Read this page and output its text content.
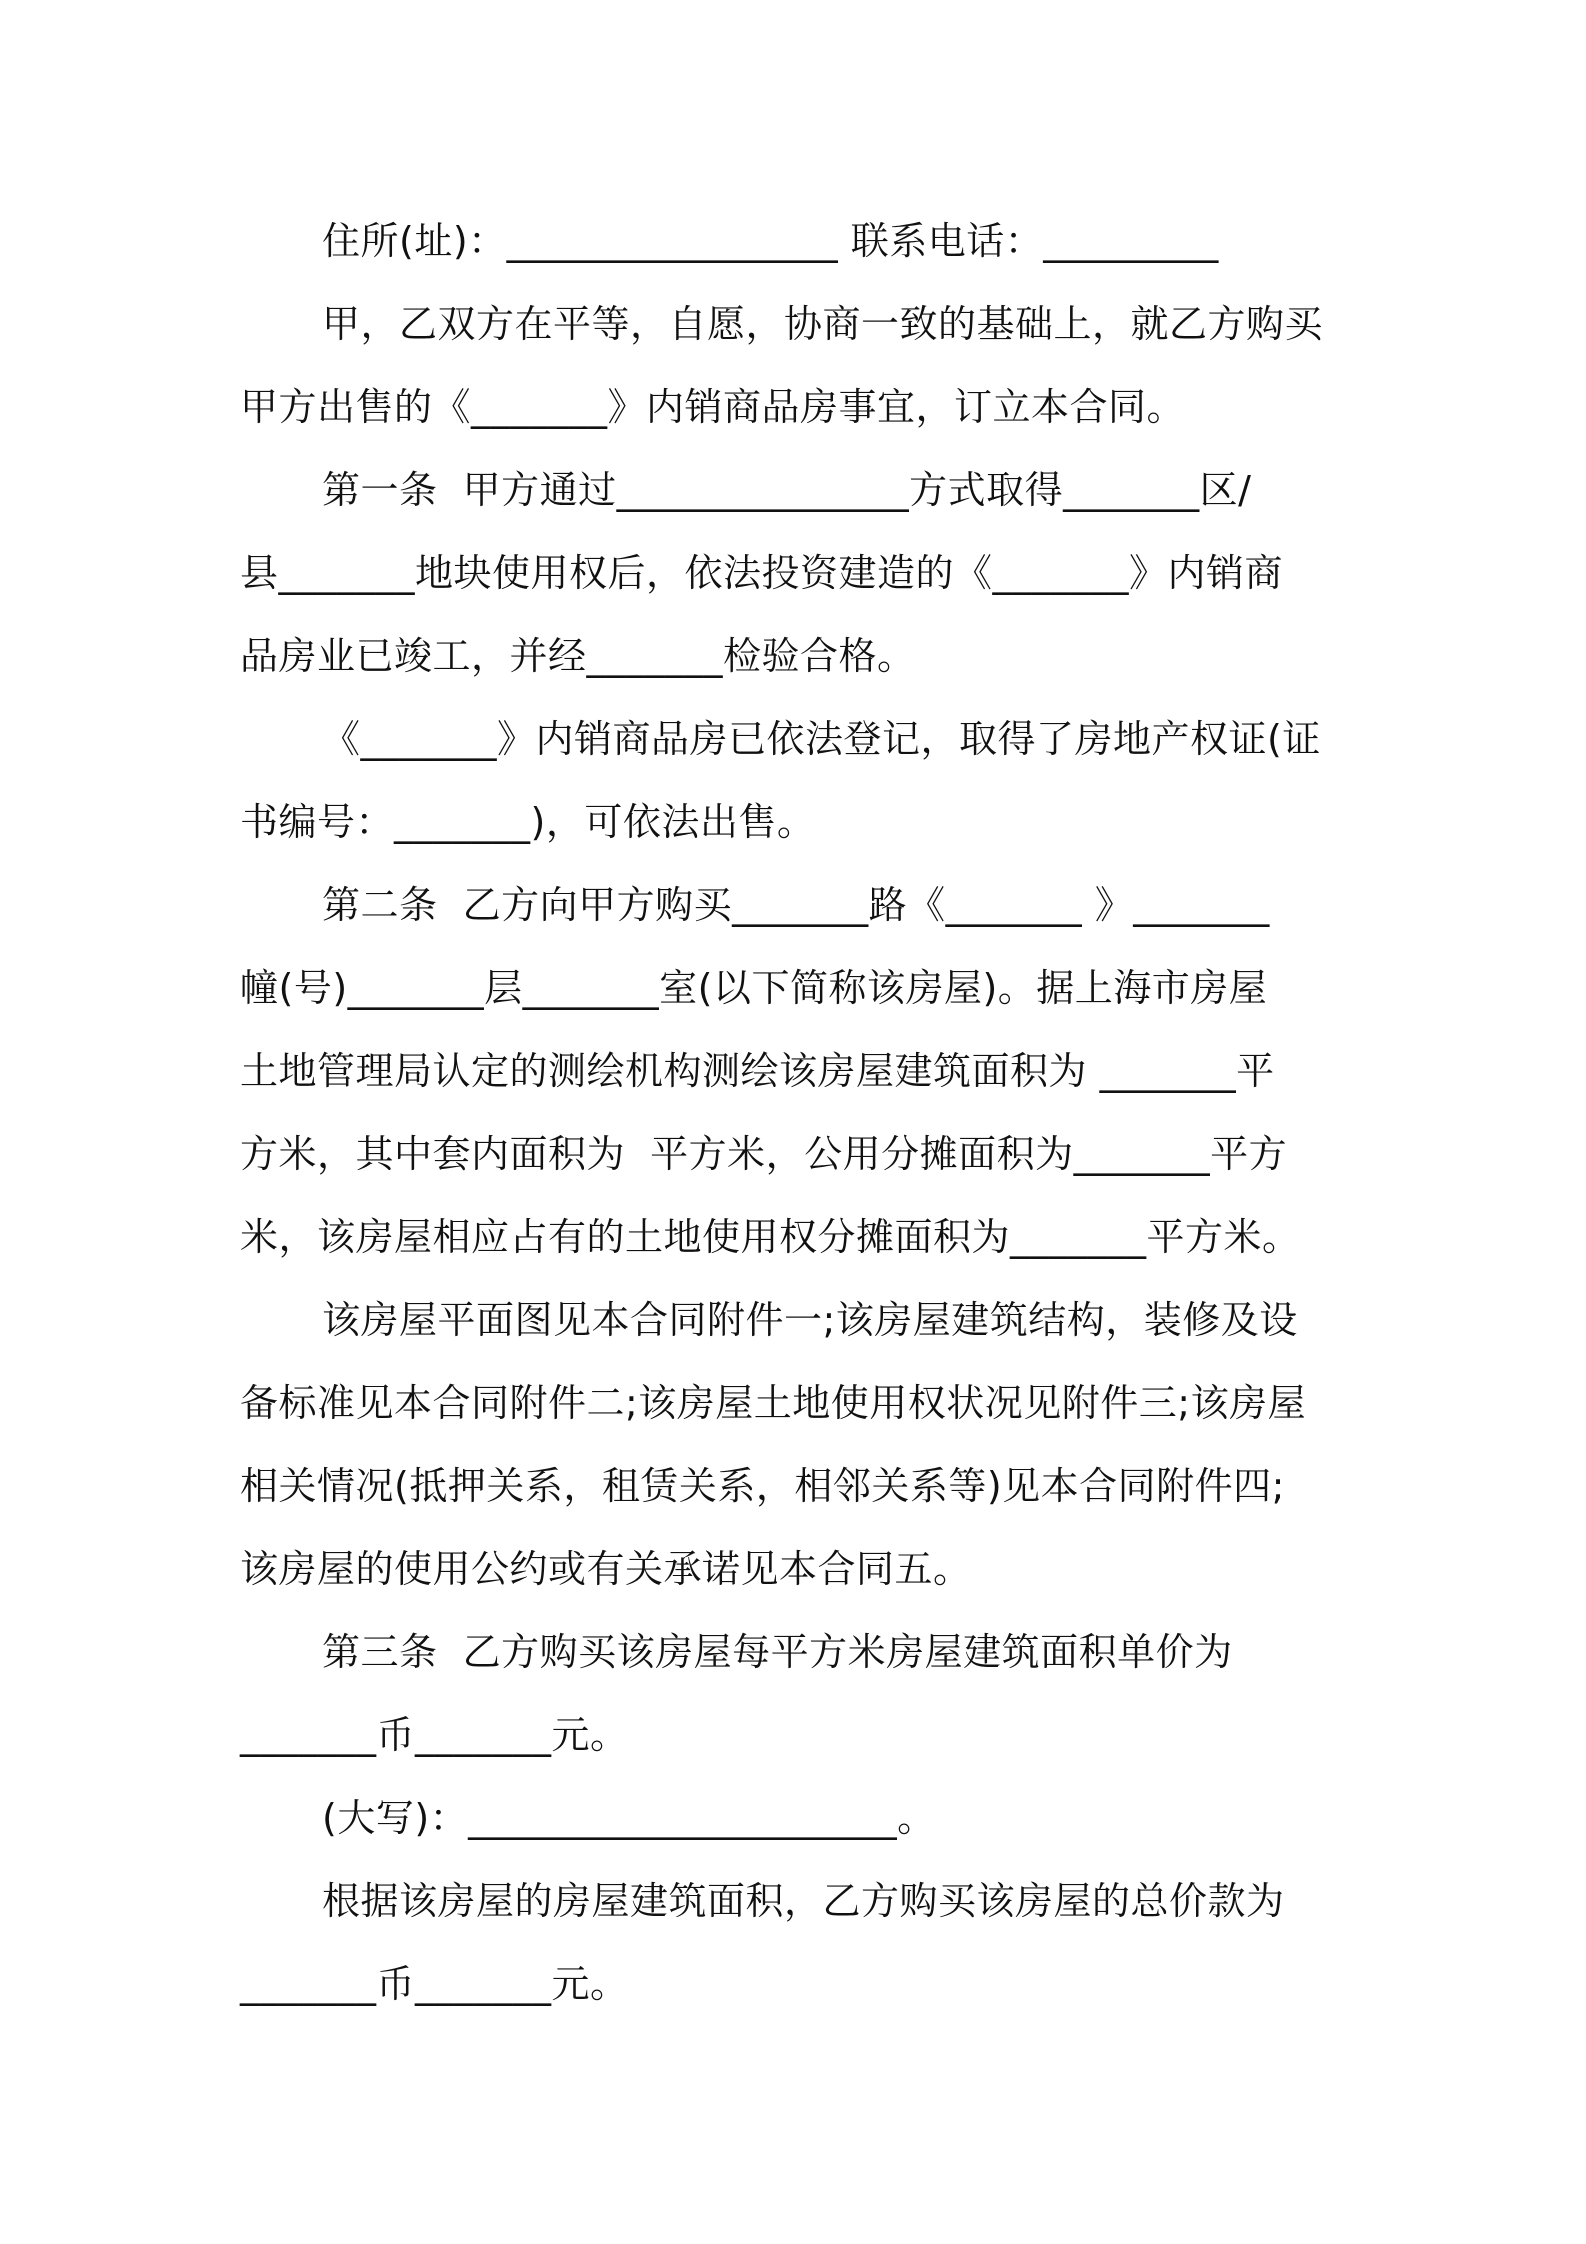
住所(址)：_________________ 联系电话：_________
甲，乙双方在平等，自愿，协商一致的基础上，就乙方购买
甲方出售的《_______》内销商品房事宜，订立本合同。
第一条  甲方通过_______________方式取得_______区/
县_______地块使用权后，依法投资建造的《_______》内销商
品房业已竣工，并经_______检验合格。
《_______》内销商品房已依法登记，取得了房地产权证(证
书编号：_______)，可依法出售。
第二条  乙方向甲方购买_______路《_______ 》_______
幢(号)_______层_______室(以下简称该房屋)。据上海市房屋
土地管理局认定的测绘机构测绘该房屋建筑面积为 _______平
方米，其中套内面积为  平方米，公用分摊面积为_______平方
米，该房屋相应占有的土地使用权分摊面积为_______平方米。
该房屋平面图见本合同附件一;该房屋建筑结构，装修及设
备标准见本合同附件二;该房屋土地使用权状况见附件三;该房屋
相关情况(抵押关系，租赁关系，相邻关系等)见本合同附件四;
该房屋的使用公约或有关承诺见本合同五。
第三条  乙方购买该房屋每平方米房屋建筑面积单价为
_______币_______元。
(大写)：______________________。
根据该房屋的房屋建筑面积，乙方购买该房屋的总价款为
_______币_______元。
